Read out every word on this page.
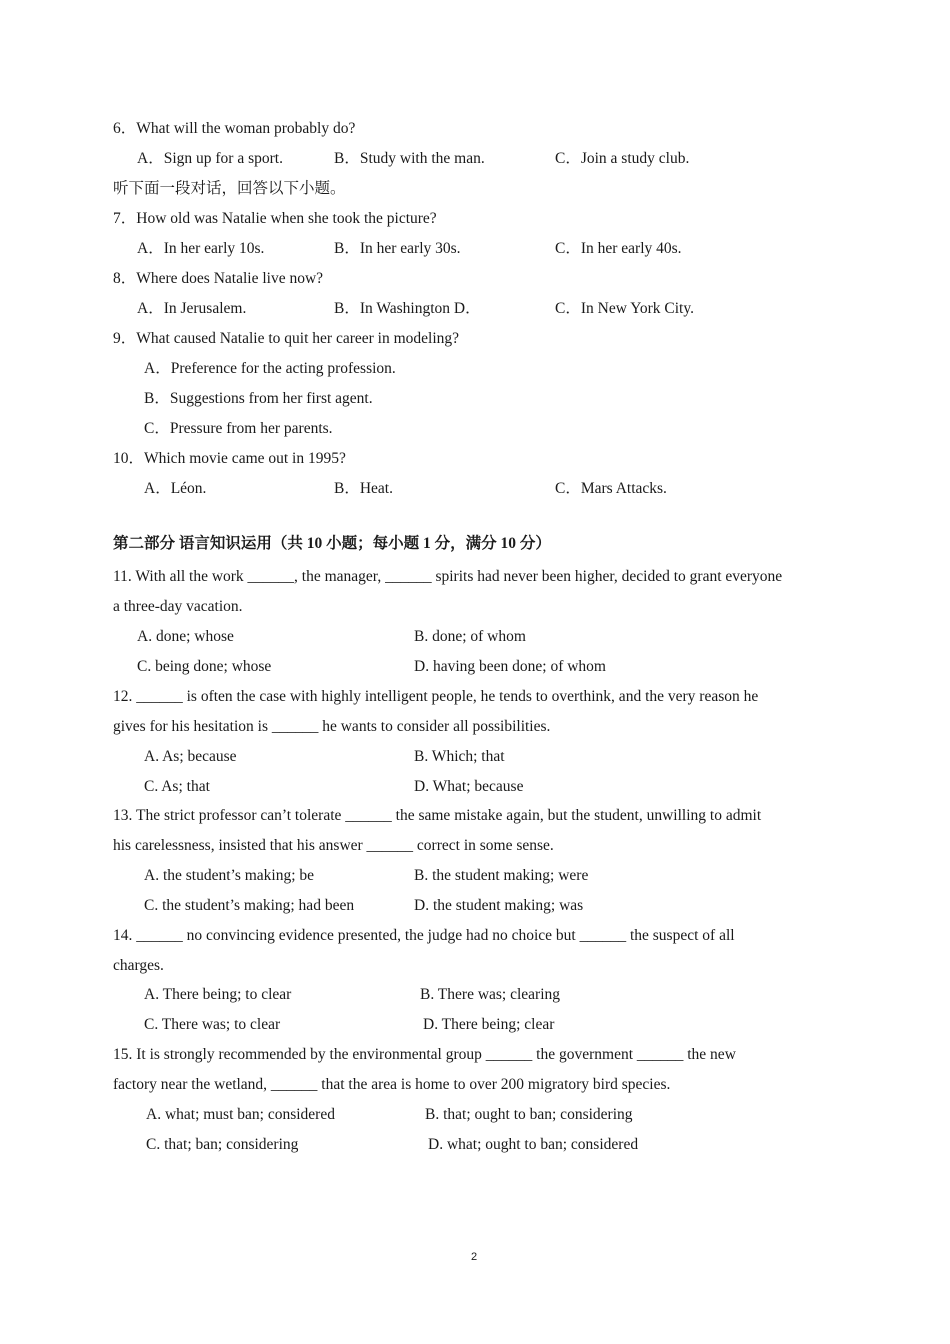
6．What will the woman probably do?
A．Sign up for a sport.	B．Study with the man.	C．Join a study club.
听下面一段对话，回答以下小题。
7．How old was Natalie when she took the picture?
A．In her early 10s.	B．In her early 30s.	C．In her early 40s.
8．Where does Natalie live now?
A．In Jerusalem.	B．In Washington D．	C．In New York City.
9．What caused Natalie to quit her career in modeling?
A．Preference for the acting profession.
B．Suggestions from her first agent.
C．Pressure from her parents.
10．Which movie came out in 1995?
A．Léon.	B．Heat.	C．Mars Attacks.
第二部分 语言知识运用（共 10 小题；每小题 1 分，满分 10 分）
11. With all the work ______, the manager, ______ spirits had never been higher, decided to grant everyone
a three-day vacation.
A. done; whose	B. done; of whom
C. being done; whose	D. having been done; of whom
12. ______ is often the case with highly intelligent people, he tends to overthink, and the very reason he
gives for his hesitation is ______ he wants to consider all possibilities.
A. As; because	B. Which; that
C. As; that	D. What; because
13. The strict professor can’t tolerate ______ the same mistake again, but the student, unwilling to admit
his carelessness, insisted that his answer ______ correct in some sense.
A. the student’s making; be	B. the student making; were
C. the student’s making; had been	D. the student making; was
14. ______ no convincing evidence presented, the judge had no choice but ______ the suspect of all
charges.
A. There being; to clear	B. There was; clearing
C. There was; to clear	D. There being; clear
15. It is strongly recommended by the environmental group ______ the government ______ the new
factory near the wetland, ______ that the area is home to over 200 migratory bird species.
A. what; must ban; considered	B. that; ought to ban; considering
C. that; ban; considering	D. what; ought to ban; considered
2
